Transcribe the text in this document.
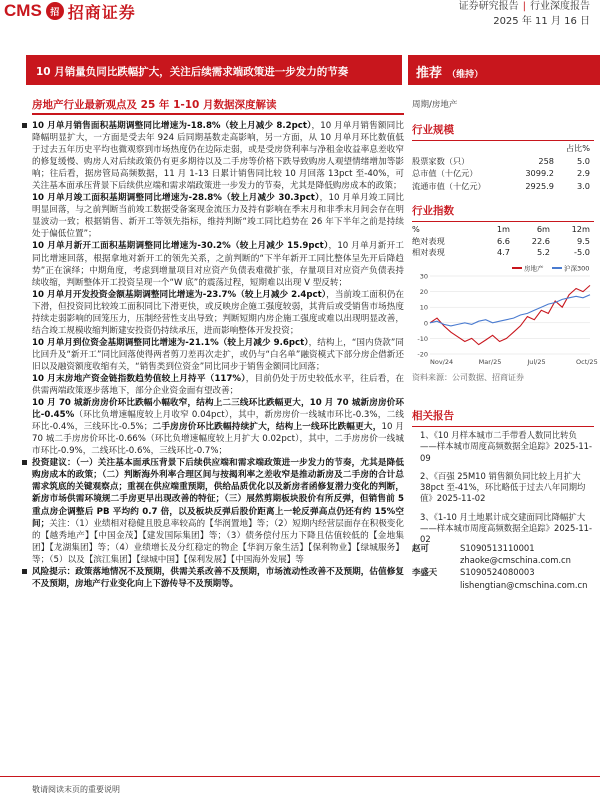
CMS 招 招商证券	证券研究报告 | 行业深度报告
2025 年 11 月 16 日
10 月销量负同比跌幅扩大，关注后续需求端政策进一步发力的节奏	推荐 （维持）
房地产行业最新观点及 25 年 1-10 月数据深度解读	周期/房地产

10 月单月销售面积基期调整同比增速为-18.8%（较上月减少 8.2pct），10 月单月销售额同比降幅明显扩大，一方面是受去年 924 后同期基数走高影响，另一方面，从 10 月单月环比数值低于过去五年历史平均也微观察到市场热度仍在边际走弱，或是受房贷利率与净租金收益率息差收窄的修复缓慢、购房人对后续政策仍有更多期待以及二手房等价格下跌导致购房人观望情绪增加等影响；往后看，据房管局高频数据，11 月 1-13 日累计销售同比较 10 月回落 13pct 至-40%，可关注基本面承压背景下后续供应端和需求端政策进一步发力的节奏，尤其是降低购房成本的政策；

10 月单月竣工面积基期调整同比增速为-28.8%（较上月减少 30.3pct），10 月单月竣工同比明显回落，与之前判断当前竣工数据受备案现金流压力及持有影响在季末月和非季末月间会存在明显波动一致；根据销售、新开工等领先指标，维持判断“竣工同比趋势在 26 年下半年之前是持续处于偏低位置”；

10 月单月新开工面积基期调整同比增速为-30.2%（较上月减少 15.9pct），10 月单月新开工同比增速回落，根据拿地对新开工的领先关系，之前判断的“下半年新开工同比整体呈先开后降趋势”正在演绎；中期角度，考虑到增量项目对应资产负债表难微扩张，存量项目对应资产负债表持续收缩，判断整体开工投资呈现一个“W 底”的震荡过程，短期难以出现 V 型反转；

10 月单月开发投资金额基期调整同比增速为-23.7%（较上月减少 2.4pct），当前竣工面积仍在下滑，但投资同比较竣工面积同比下滑更快，或反映房企施工强度较弱，其背后或受销售市场热度持续走弱影响的回笼压力，压制经营性支出导致；判断短期内房企施工强度或难以出现明显改善，结合竣工规模收缩判断建安投资仍持续承压，进而影响整体开发投资；

10 月单月到位资金基期调整同比增速为-21.1%（较上月减少 9.6pct），结构上，“国内贷款”同比回升及“新开工”同比回落使得两者剪刀差再次走扩，或仍与“白名单”融资模式下部分房企借新还旧以及融资额度收缩有关，“销售类到位资金”同比同步于销售金额同比回落；

10 月末房地产资金链指数趋势值较上月持平（117%），目前仍处于历史较低水平，往后看，在供需两端政策逐步落地下，部分企业资金面有望改善；

10 月 70 城新房房价环比跌幅小幅收窄，结构上二三线环比跌幅更大，10 月 70 城新房房价环比-0.45%（环比负增速幅度较上月收窄 0.04pct），其中，新房房价一线城市环比-0.3%，二线环比-0.4%，三线环比-0.5%；二手房房价环比跌幅持续扩大，结构上一线环比跌幅更大，10 月 70 城二手房房价环比-0.66%（环比负增速幅度较上月扩大 0.02pct），其中，二手房房价一线城市环比-0.9%，二线环比-0.6%，三线环比-0.7%；

投资建议：（一）关注基本面承压背景下后续供应端和需求端政策进一步发力的节奏，尤其是降低购房成本的政策；（二）判断海外利率合理区间与按揭利率之差收窄是推动新房及二手房的合计总需求筑底的关键观察点；重视在供应端重预期，供给品质优化以及新房者函修复潜力变化的判断，新房市场供需环境规二手房更早出现改善的特征；（三）展然剪期板块股价有所反弹，但销售前 5 重点房企调整后 PB 平均约 0.7 倍，以及板块反弹后股价距离上一轮反弹高点仍还有约 15%空间；关注：（1）业绩相对稳健且股息率较高的【华润置地】等；（2）短期内经营层面存在积极变化的【越秀地产】【中国金茂】【建发国际集团】等；（3）债务偿付压力下降且估值较低的【金地集团】【龙湖集团】等；（4）业绩增长及分红稳定的物企【华润万象生活】【保利物业】【绿城服务】等；（5）以及【滨江集团】【绿城中国】【保利发展】【中国海外发展】等

风险提示：政策落地情况不及预期，供需关系改善不及预期，市场流动性改善不及预期，估值修复不及预期，房地产行业变化向上下游传导不及预期等。

行业规模
占比%
股票家数（只）	258	5.0
总市值（十亿元）	3099.2	2.9
流通市值（十亿元）	2925.9	3.0
行业指数
%	1m	6m	12m
绝对表现	6.6	22.6	9.5
相对表现	4.7	5.2	-5.0
30
20
10
0
-10
-20
Nov/24	Mar/25	Jul/25	Oct/25
房地产	沪深300
资料来源：公司数据、招商证券
相关报告
1、《10 月样本城市二手带看人数同比转负——样本城市周度高频数据全追踪》2025-11-09
2、《百强 25M10 销售额负同比较上月扩大 38pct 至-41%，环比略低于过去八年同期均值》2025-11-02
3、《1-10 月土地累计成交建面同比降幅扩大——样本城市周度高频数据全追踪》2025-11-02
赵可	S1090513110001
zhaoke@cmschina.com.cn
李盛天	S1090524080003
lishengtian@cmschina.com.cn
敬请阅读末页的重要说明
